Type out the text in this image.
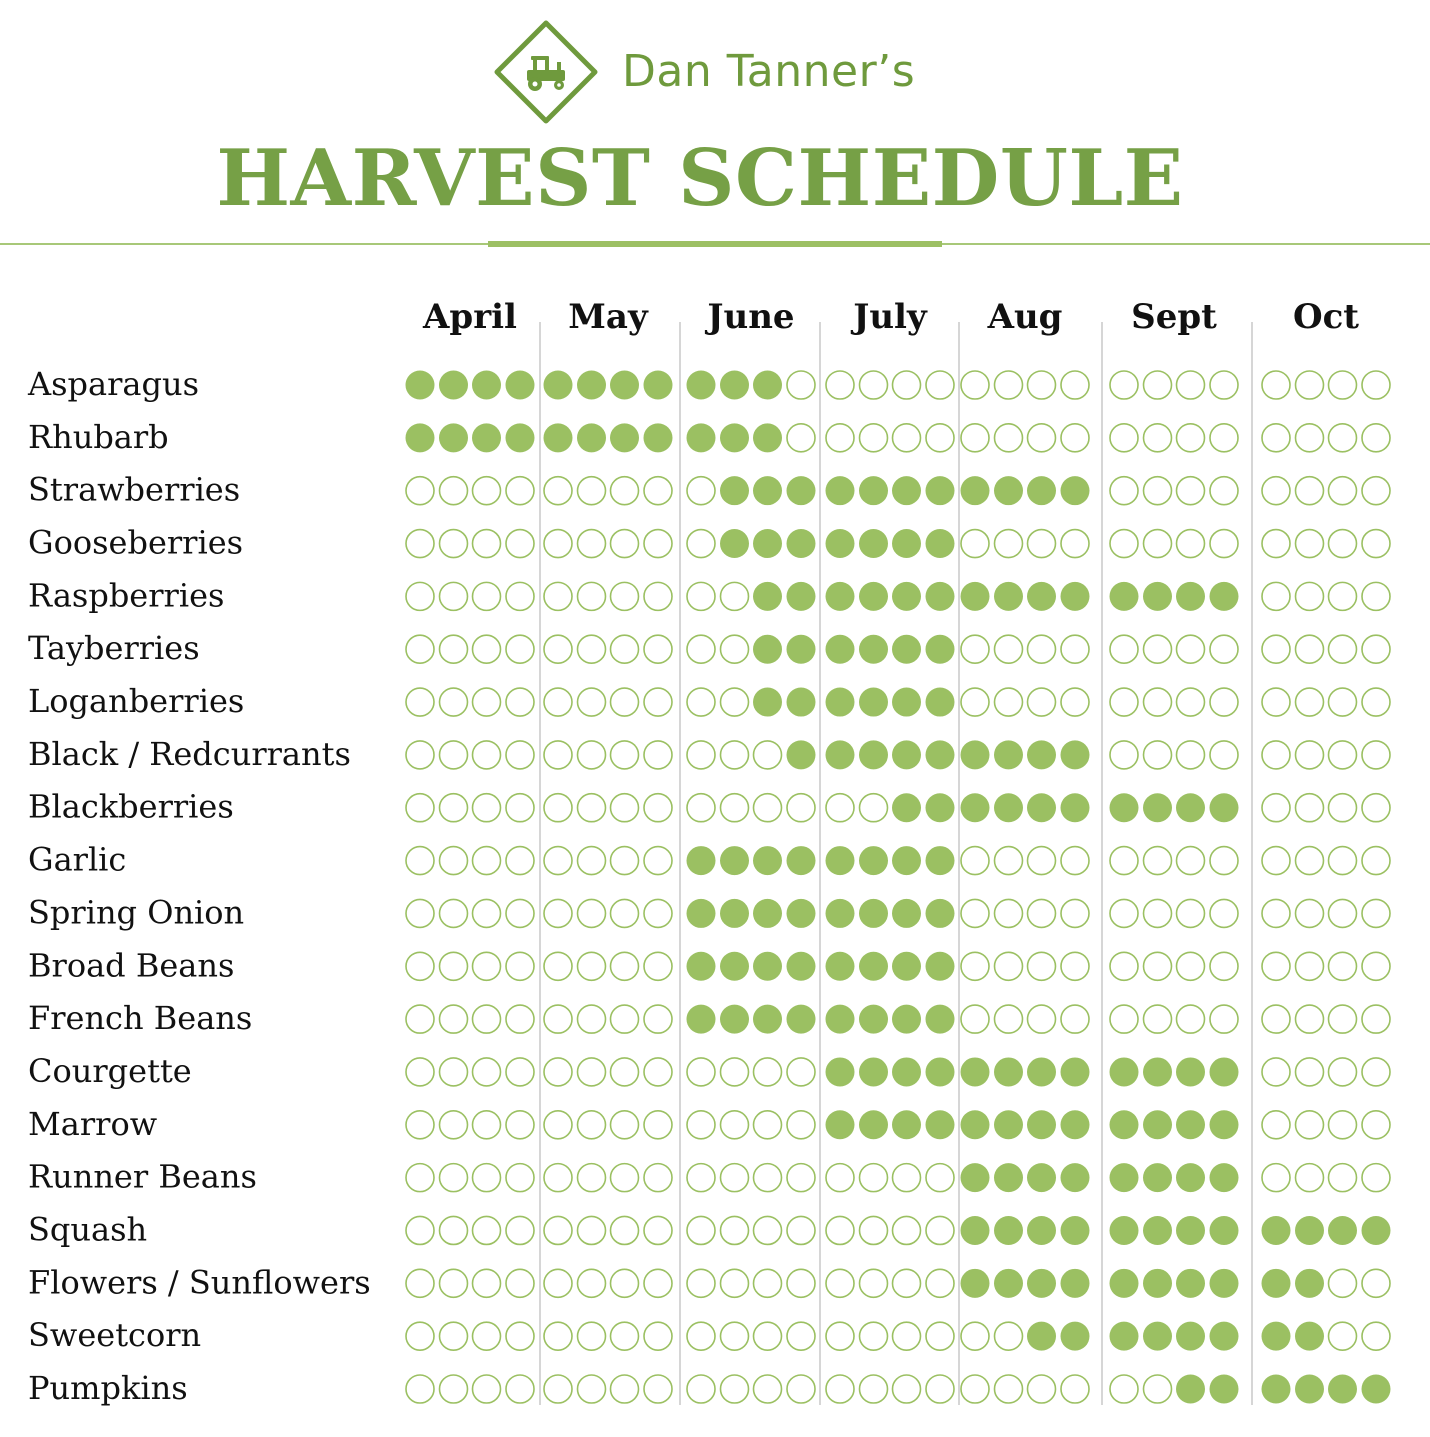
Dan Tanner’s
HARVEST SCHEDULE
April May June July Aug Sept Oct
Asparagus
Rhubarb
Strawberries
Gooseberries
Raspberries
Tayberries
Loganberries
Black / Redcurrants
Blackberries
Garlic
Spring Onion
Broad Beans
French Beans
Courgette
Marrow
Runner Beans
Squash
Flowers / Sunflowers
Sweetcorn
Pumpkins
